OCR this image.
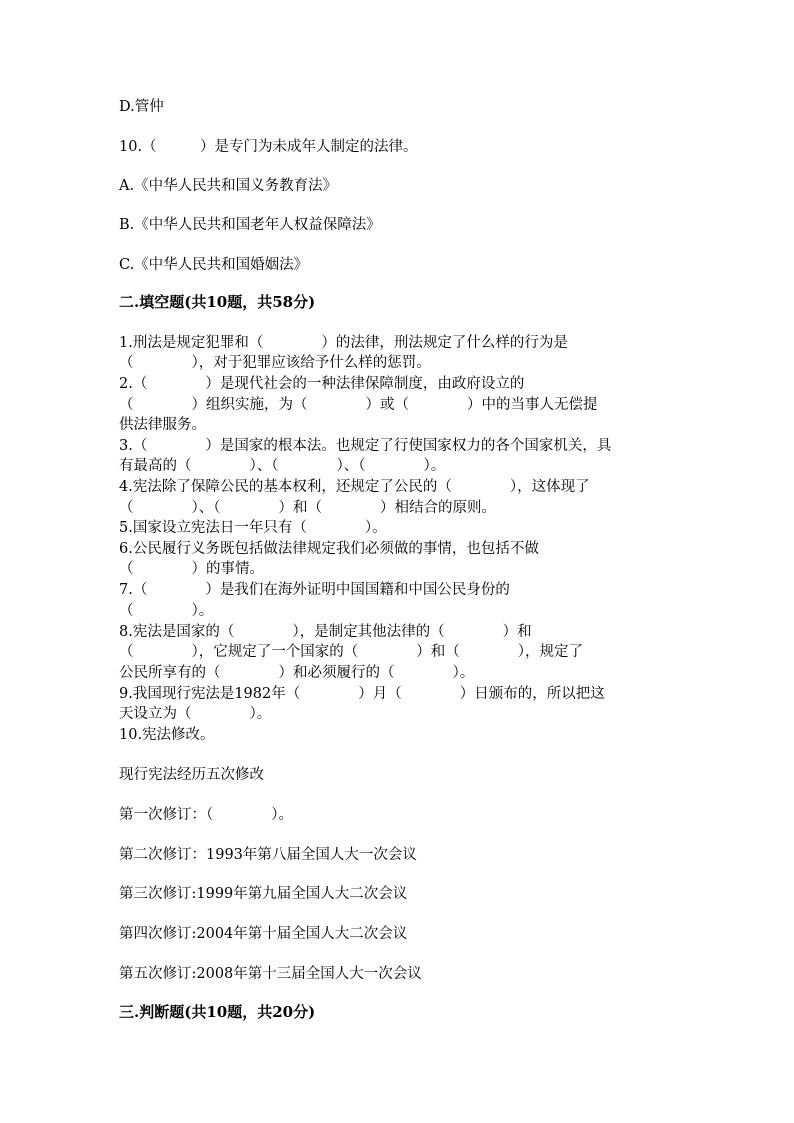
D.管仲
10.（　　　）是专门为未成年人制定的法律。
A.《中华人民共和国义务教育法》
B.《中华人民共和国老年人权益保障法》
C.《中华人民共和国婚姻法》
二.填空题(共10题，共58分)
1.刑法是规定犯罪和（　　　　）的法律，刑法规定了什么样的行为是
（　　　　），对于犯罪应该给予什么样的惩罚。
2.（　　　　）是现代社会的一种法律保障制度，由政府设立的
（　　　　）组织实施，为（　　　　）或（　　　　）中的当事人无偿提
供法律服务。
3.（　　　　）是国家的根本法。也规定了行使国家权力的各个国家机关，具
有最高的（　　　　）、（　　　　）、（　　　　）。
4.宪法除了保障公民的基本权利，还规定了公民的（　　　　），这体现了
（　　　　）、（　　　　）和（　　　　）相结合的原则。
5.国家设立宪法日一年只有（　　　　）。
6.公民履行义务既包括做法律规定我们必须做的事情，也包括不做
（　　　　）的事情。
7.（　　　　）是我们在海外证明中国国籍和中国公民身份的
（　　　　）。
8.宪法是国家的（　　　　），是制定其他法律的（　　　　）和
（　　　　），它规定了一个国家的（　　　　）和（　　　　），规定了
公民所享有的（　　　　）和必须履行的（　　　　）。
9.我国现行宪法是1982年（　　　　）月（　　　　）日颁布的，所以把这
天设立为（　　　　）。
10.宪法修改。
现行宪法经历五次修改
第一次修订：（　　　　）。
第二次修订：1993年第八届全国人大一次会议
第三次修订:1999年第九届全国人大二次会议
第四次修订:2004年第十届全国人大二次会议
第五次修订:2008年第十三届全国人大一次会议
三.判断题(共10题，共20分)
